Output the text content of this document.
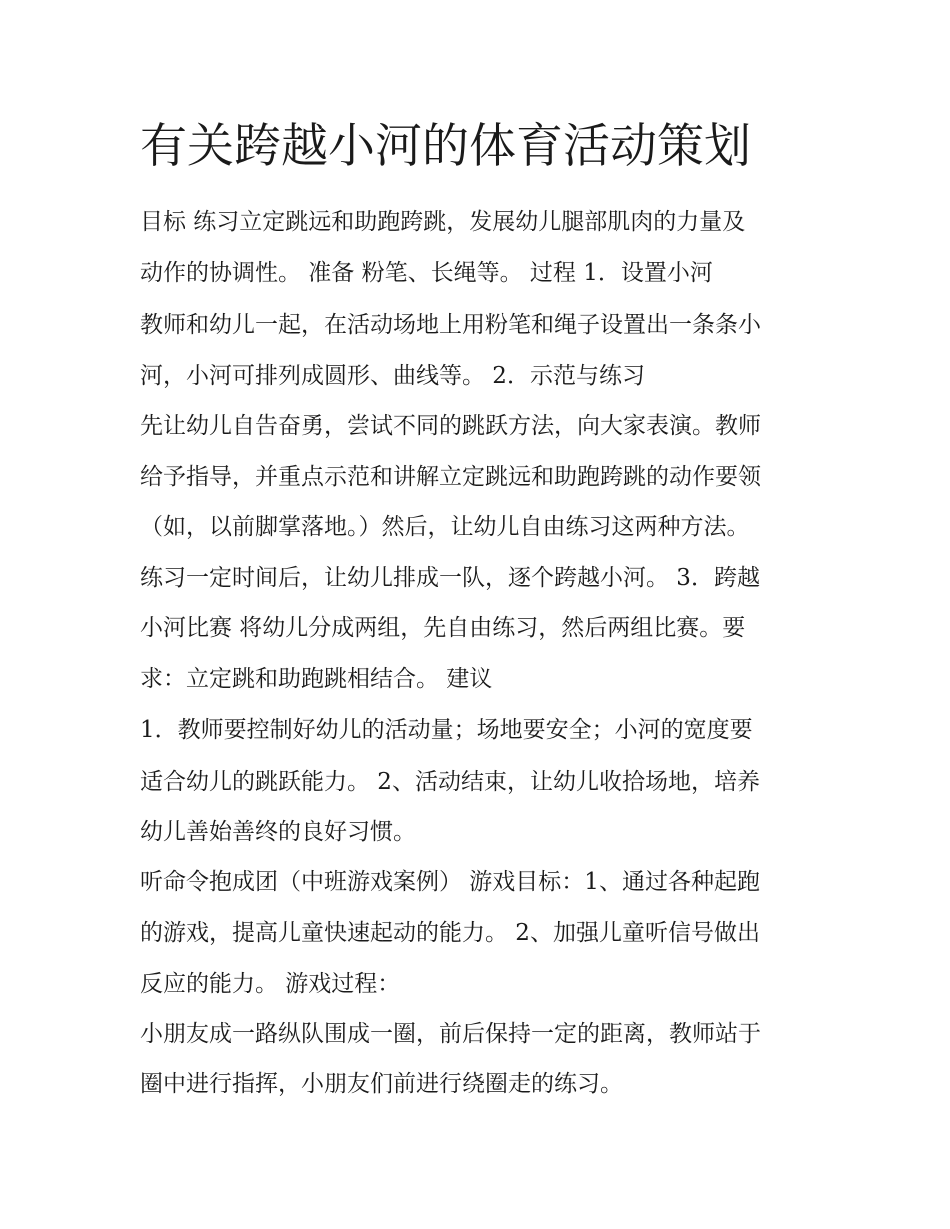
有关跨越小河的体育活动策划

目标 练习立定跳远和助跑跨跳，发展幼儿腿部肌肉的力量及

动作的协调性。 准备 粉笔、长绳等。 过程 1．设置小河

教师和幼儿一起，在活动场地上用粉笔和绳子设置出一条条小

河，小河可排列成圆形、曲线等。 2．示范与练习

先让幼儿自告奋勇，尝试不同的跳跃方法，向大家表演。教师

给予指导，并重点示范和讲解立定跳远和助跑跨跳的动作要领

（如，以前脚掌落地。）然后，让幼儿自由练习这两种方法。

练习一定时间后，让幼儿排成一队，逐个跨越小河。 3．跨越

小河比赛 将幼儿分成两组，先自由练习，然后两组比赛。要

求：立定跳和助跑跳相结合。 建议

1．教师要控制好幼儿的活动量；场地要安全；小河的宽度要

适合幼儿的跳跃能力。 2、活动结束，让幼儿收拾场地，培养

幼儿善始善终的良好习惯。

听命令抱成团（中班游戏案例） 游戏目标：1、通过各种起跑

的游戏，提高儿童快速起动的能力。 2、加强儿童听信号做出

反应的能力。 游戏过程：

小朋友成一路纵队围成一圈，前后保持一定的距离，教师站于

圈中进行指挥，小朋友们前进行绕圈走的练习。
